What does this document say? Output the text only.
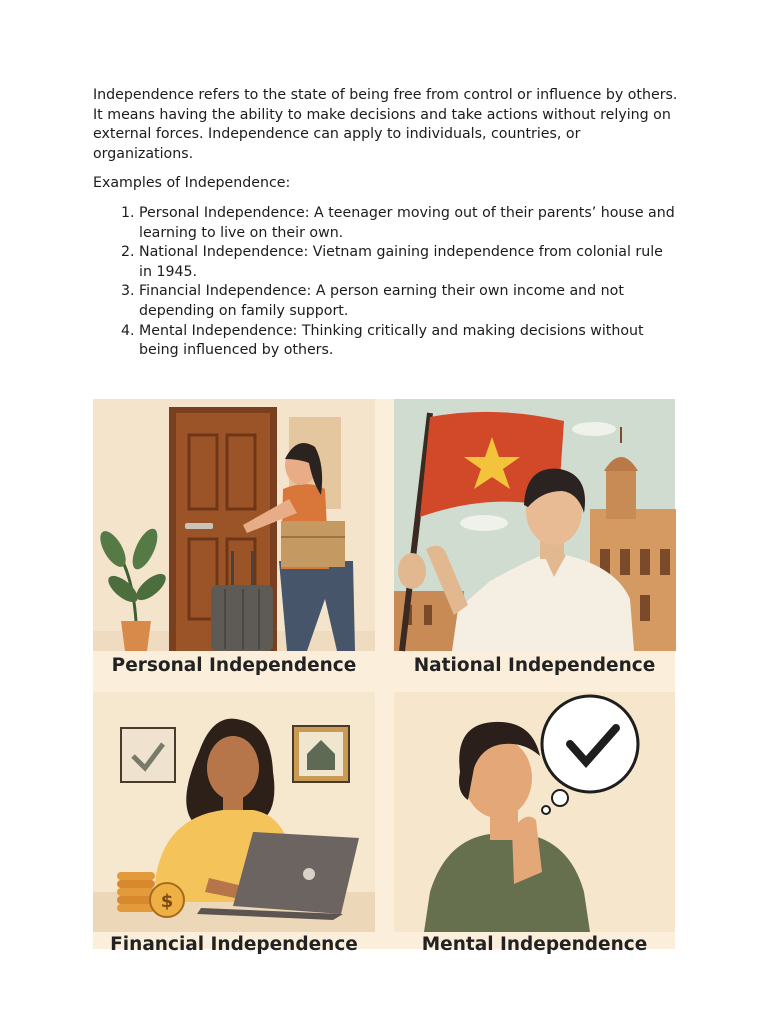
Independence refers to the state of being free from control or influence by others. It means having the ability to make decisions and take actions without relying on external forces. Independence can apply to individuals, countries, or organizations.

Examples of Independence:

1. Personal Independence: A teenager moving out of their parents’ house and learning to live on their own.
2. National Independence: Vietnam gaining independence from colonial rule in 1945.
3. Financial Independence: A person earning their own income and not depending on family support.
4. Mental Independence: Thinking critically and making decisions without being influenced by others.
Personal Independence	National Independence
$
Financial Independence	Mental Independence
